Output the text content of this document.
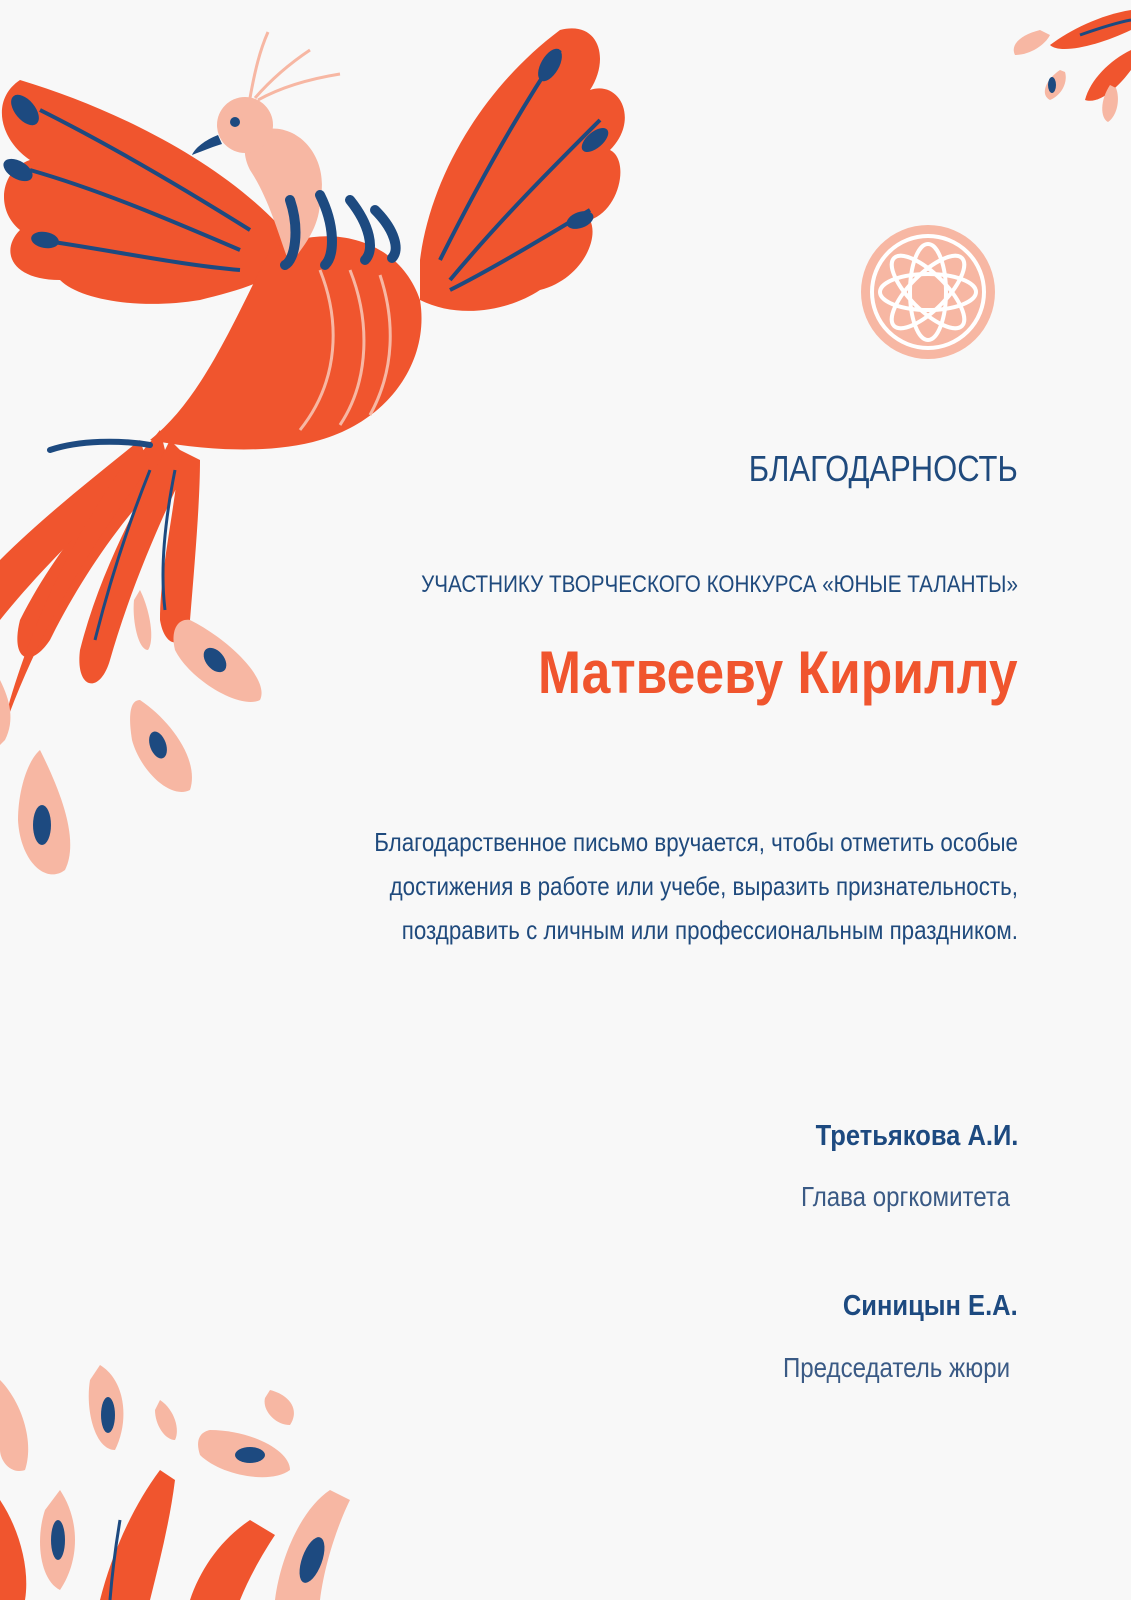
БЛАГОДАРНОСТЬ
УЧАСТНИКУ ТВОРЧЕСКОГО КОНКУРСА «ЮНЫЕ ТАЛАНТЫ»
Матвееву Кириллу
Благодарственное письмо вручается, чтобы отметить особые
достижения в работе или учебе, выразить признательность,
поздравить с личным или профессиональным праздником.
Третьякова А.И.
Глава оргкомитета
Синицын Е.А.
Председатель жюри
